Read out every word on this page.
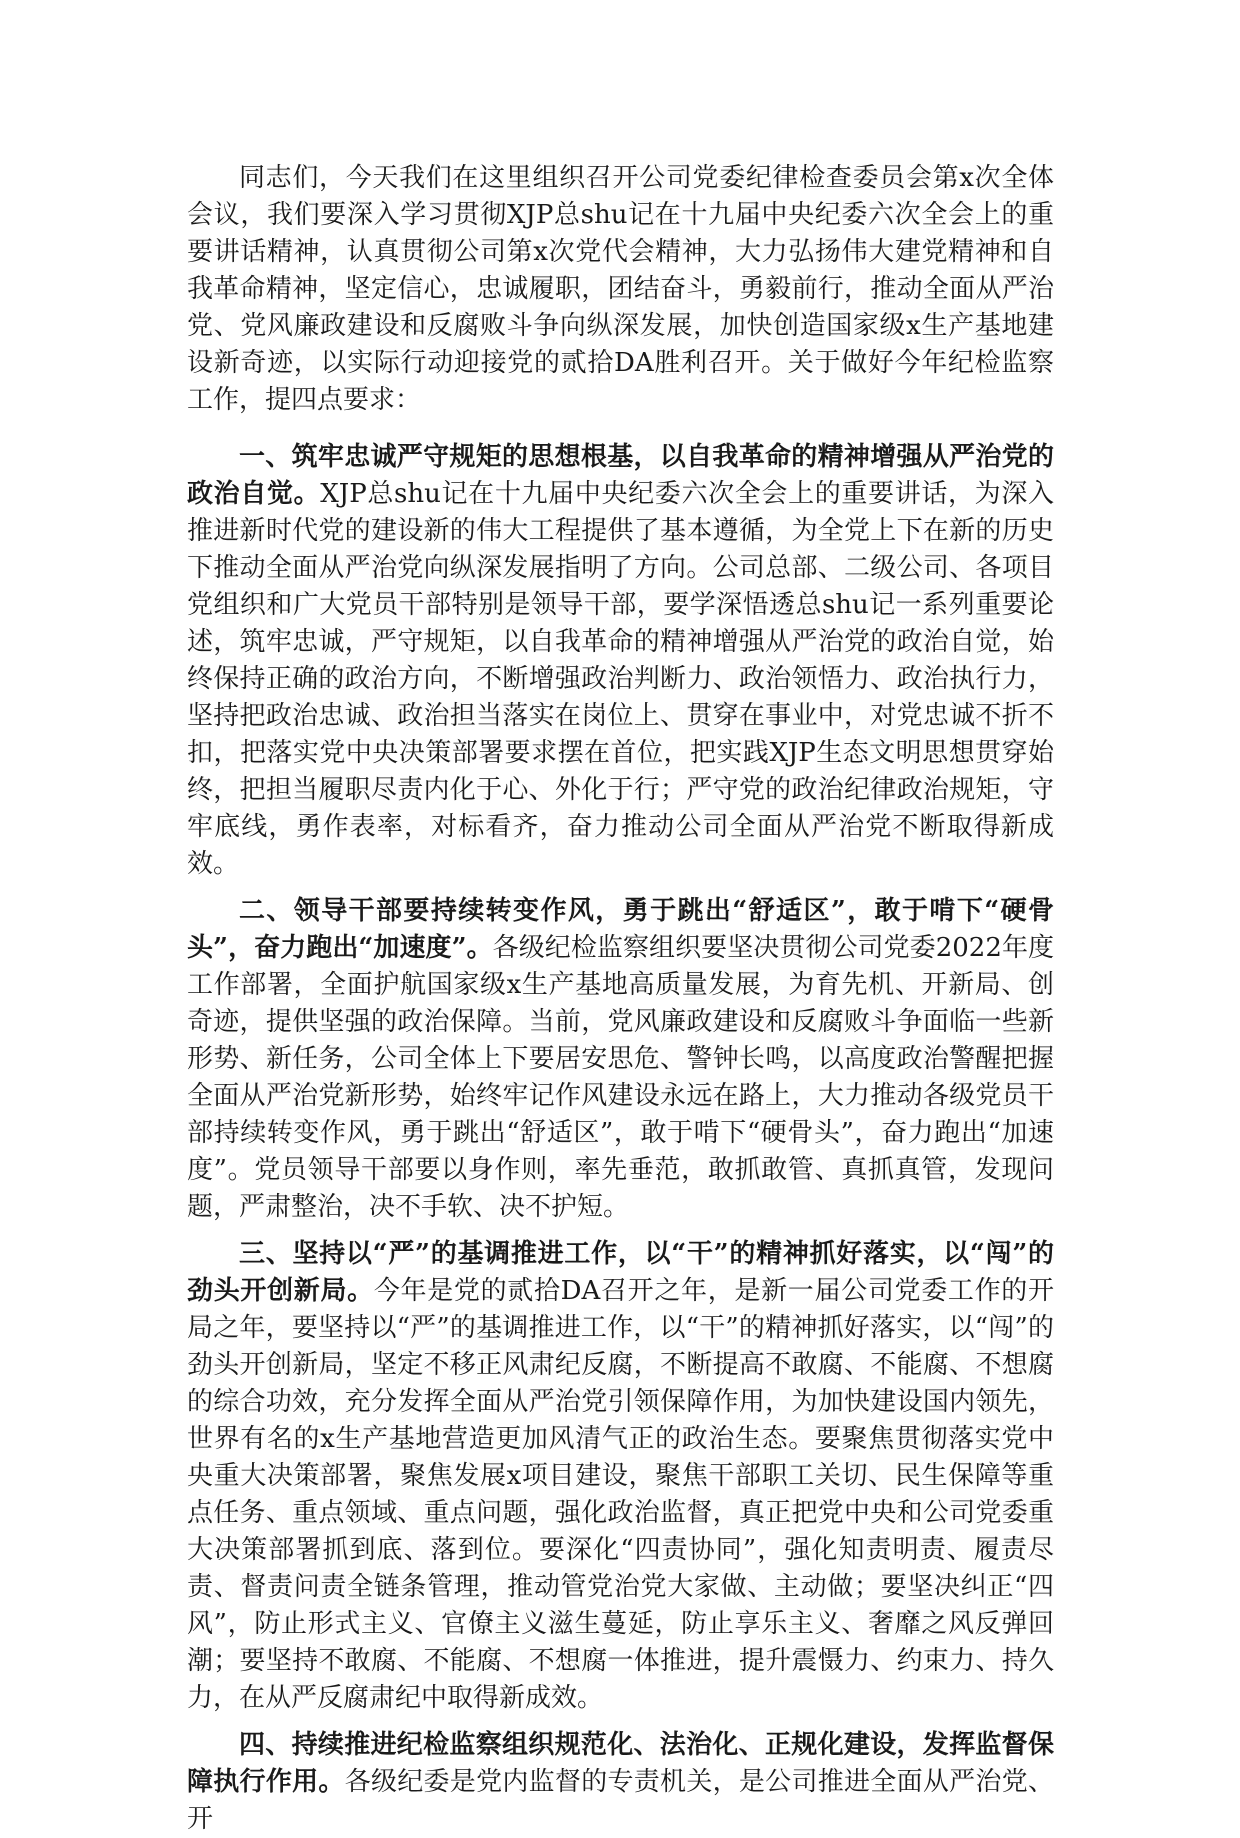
同志们，今天我们在这里组织召开公司党委纪律检查委员会第x次全体会议，我们要深入学习贯彻XJP总shu记在十九届中央纪委六次全会上的重要讲话精神，认真贯彻公司第x次党代会精神，大力弘扬伟大建党精神和自我革命精神，坚定信心，忠诚履职，团结奋斗，勇毅前行，推动全面从严治党、党风廉政建设和反腐败斗争向纵深发展，加快创造国家级x生产基地建设新奇迹，以实际行动迎接党的贰拾DA胜利召开。关于做好今年纪检监察工作，提四点要求：

一、筑牢忠诚严守规矩的思想根基，以自我革命的精神增强从严治党的政治自觉。XJP总shu记在十九届中央纪委六次全会上的重要讲话，为深入推进新时代党的建设新的伟大工程提供了基本遵循，为全党上下在新的历史下推动全面从严治党向纵深发展指明了方向。公司总部、二级公司、各项目党组织和广大党员干部特别是领导干部，要学深悟透总shu记一系列重要论述，筑牢忠诚，严守规矩，以自我革命的精神增强从严治党的政治自觉，始终保持正确的政治方向，不断增强政治判断力、政治领悟力、政治执行力，坚持把政治忠诚、政治担当落实在岗位上、贯穿在事业中，对党忠诚不折不扣，把落实党中央决策部署要求摆在首位，把实践XJP生态文明思想贯穿始终，把担当履职尽责内化于心、外化于行；严守党的政治纪律政治规矩，守牢底线，勇作表率，对标看齐，奋力推动公司全面从严治党不断取得新成效。

二、领导干部要持续转变作风，勇于跳出“舒适区”，敢于啃下“硬骨头”，奋力跑出“加速度”。各级纪检监察组织要坚决贯彻公司党委2022年度工作部署，全面护航国家级x生产基地高质量发展，为育先机、开新局、创奇迹，提供坚强的政治保障。当前，党风廉政建设和反腐败斗争面临一些新形势、新任务，公司全体上下要居安思危、警钟长鸣，以高度政治警醒把握全面从严治党新形势，始终牢记作风建设永远在路上，大力推动各级党员干部持续转变作风，勇于跳出“舒适区”，敢于啃下“硬骨头”，奋力跑出“加速度”。党员领导干部要以身作则，率先垂范，敢抓敢管、真抓真管，发现问题，严肃整治，决不手软、决不护短。

三、坚持以“严”的基调推进工作，以“干”的精神抓好落实，以“闯”的劲头开创新局。今年是党的贰拾DA召开之年，是新一届公司党委工作的开局之年，要坚持以“严”的基调推进工作，以“干”的精神抓好落实，以“闯”的劲头开创新局，坚定不移正风肃纪反腐，不断提高不敢腐、不能腐、不想腐的综合功效，充分发挥全面从严治党引领保障作用，为加快建设国内领先，世界有名的x生产基地营造更加风清气正的政治生态。要聚焦贯彻落实党中央重大决策部署，聚焦发展x项目建设，聚焦干部职工关切、民生保障等重点任务、重点领域、重点问题，强化政治监督，真正把党中央和公司党委重大决策部署抓到底、落到位。要深化“四责协同”，强化知责明责、履责尽责、督责问责全链条管理，推动管党治党大家做、主动做；要坚决纠正“四风”，防止形式主义、官僚主义滋生蔓延，防止享乐主义、奢靡之风反弹回潮；要坚持不敢腐、不能腐、不想腐一体推进，提升震慑力、约束力、持久力，在从严反腐肃纪中取得新成效。

四、持续推进纪检监察组织规范化、法治化、正规化建设，发挥监督保障执行作用。各级纪委是党内监督的专责机关，是公司推进全面从严治党、开
